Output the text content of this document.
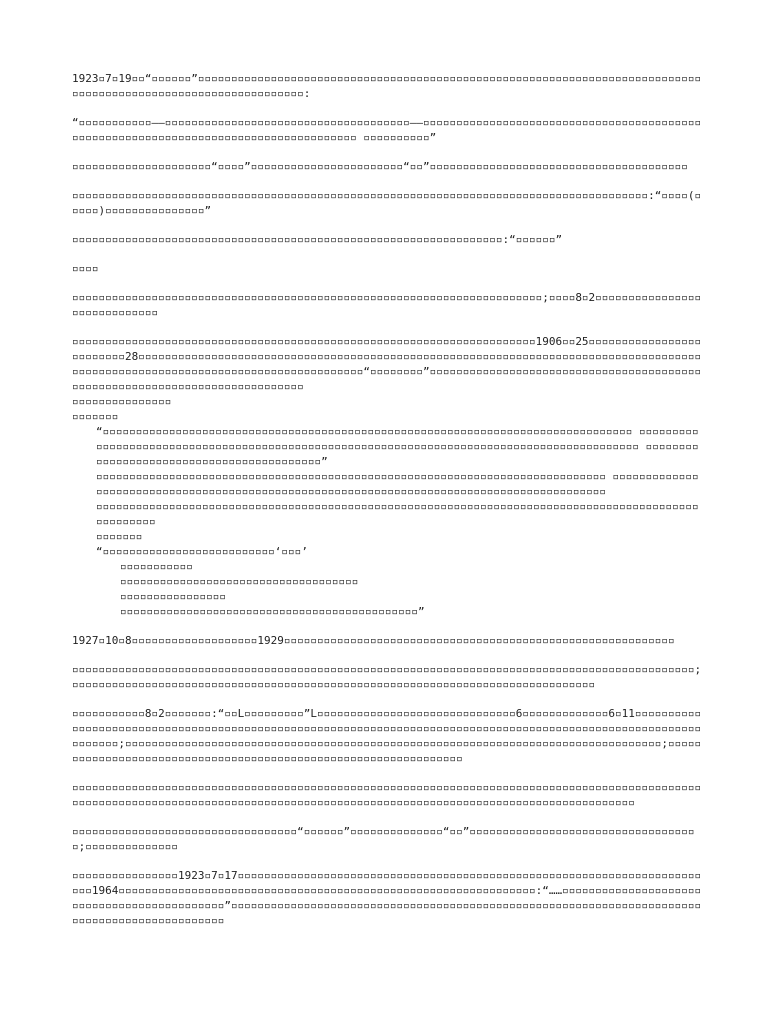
1923▫7▫19▫▫“▫▫▫▫▫▫”▫▫▫▫▫▫▫▫▫▫▫▫▫▫▫▫▫▫▫▫▫▫▫▫▫▫▫▫▫▫▫▫▫▫▫▫▫▫▫▫▫▫▫▫▫▫▫▫▫▫▫▫▫▫▫▫▫▫▫▫▫▫▫▫▫▫▫▫▫▫▫▫▫▫▫▫▫▫▫▫▫▫▫▫▫▫▫▫▫▫▫▫▫▫▫▫▫▫▫▫▫▫▫▫▫▫▫▫▫▫▫:

“▫▫▫▫▫▫▫▫▫▫▫——▫▫▫▫▫▫▫▫▫▫▫▫▫▫▫▫▫▫▫▫▫▫▫▫▫▫▫▫▫▫▫▫▫▫▫▫▫——▫▫▫▫▫▫▫▫▫▫▫▫▫▫▫▫▫▫▫▫▫▫▫▫▫▫▫▫▫▫▫▫▫▫▫▫▫▫▫▫▫▫▫▫▫▫▫▫▫▫▫▫▫▫▫▫▫▫▫▫▫▫▫▫▫▫▫▫▫▫▫▫▫▫▫▫▫▫▫▫▫▫▫▫▫ ▫▫▫▫▫▫▫▫▫▫”

▫▫▫▫▫▫▫▫▫▫▫▫▫▫▫▫▫▫▫▫▫“▫▫▫▫”▫▫▫▫▫▫▫▫▫▫▫▫▫▫▫▫▫▫▫▫▫▫▫“▫▫”▫▫▫▫▫▫▫▫▫▫▫▫▫▫▫▫▫▫▫▫▫▫▫▫▫▫▫▫▫▫▫▫▫▫▫▫▫▫▫

▫▫▫▫▫▫▫▫▫▫▫▫▫▫▫▫▫▫▫▫▫▫▫▫▫▫▫▫▫▫▫▫▫▫▫▫▫▫▫▫▫▫▫▫▫▫▫▫▫▫▫▫▫▫▫▫▫▫▫▫▫▫▫▫▫▫▫▫▫▫▫▫▫▫▫▫▫▫▫▫▫▫▫▫▫▫▫:“▫▫▫▫(▫▫▫▫▫)▫▫▫▫▫▫▫▫▫▫▫▫▫▫▫”

▫▫▫▫▫▫▫▫▫▫▫▫▫▫▫▫▫▫▫▫▫▫▫▫▫▫▫▫▫▫▫▫▫▫▫▫▫▫▫▫▫▫▫▫▫▫▫▫▫▫▫▫▫▫▫▫▫▫▫▫▫▫▫▫▫:“▫▫▫▫▫▫”

▫▫▫▫

▫▫▫▫▫▫▫▫▫▫▫▫▫▫▫▫▫▫▫▫▫▫▫▫▫▫▫▫▫▫▫▫▫▫▫▫▫▫▫▫▫▫▫▫▫▫▫▫▫▫▫▫▫▫▫▫▫▫▫▫▫▫▫▫▫▫▫▫▫▫▫;▫▫▫▫8▫2▫▫▫▫▫▫▫▫▫▫▫▫▫▫▫▫▫▫▫▫▫▫▫▫▫▫▫▫▫

▫▫▫▫▫▫▫▫▫▫▫▫▫▫▫▫▫▫▫▫▫▫▫▫▫▫▫▫▫▫▫▫▫▫▫▫▫▫▫▫▫▫▫▫▫▫▫▫▫▫▫▫▫▫▫▫▫▫▫▫▫▫▫▫▫▫▫▫▫▫1906▫▫25▫▫▫▫▫▫▫▫▫▫▫▫▫▫▫▫▫▫▫▫▫▫▫▫▫28▫▫▫▫▫▫▫▫▫▫▫▫▫▫▫▫▫▫▫▫▫▫▫▫▫▫▫▫▫▫▫▫▫▫▫▫▫▫▫▫▫▫▫▫▫▫▫▫▫▫▫▫▫▫▫▫▫▫▫▫▫▫▫▫▫▫▫▫▫▫▫▫▫▫▫▫▫▫▫▫▫▫▫▫▫▫▫▫▫▫▫▫▫▫▫▫▫▫▫▫▫▫▫▫▫▫▫▫▫▫▫▫▫▫▫▫▫▫▫▫▫▫▫▫▫▫▫▫▫“▫▫▫▫▫▫▫▫”▫▫▫▫▫▫▫▫▫▫▫▫▫▫▫▫▫▫▫▫▫▫▫▫▫▫▫▫▫▫▫▫▫▫▫▫▫▫▫▫▫▫▫▫▫▫▫▫▫▫▫▫▫▫▫▫▫▫▫▫▫▫▫▫▫▫▫▫▫▫▫▫▫▫▫▫

▫▫▫▫▫▫▫▫▫▫▫▫▫▫▫

▫▫▫▫▫▫▫

“▫▫▫▫▫▫▫▫▫▫▫▫▫▫▫▫▫▫▫▫▫▫▫▫▫▫▫▫▫▫▫▫▫▫▫▫▫▫▫▫▫▫▫▫▫▫▫▫▫▫▫▫▫▫▫▫▫▫▫▫▫▫▫▫▫▫▫▫▫▫▫▫▫▫▫▫▫▫▫▫ ▫▫▫▫▫▫▫▫▫▫▫▫▫▫▫▫▫▫▫▫▫▫▫▫▫▫▫▫▫▫▫▫▫▫▫▫▫▫▫▫▫▫▫▫▫▫▫▫▫▫▫▫▫▫▫▫▫▫▫▫▫▫▫▫▫▫▫▫▫▫▫▫▫▫▫▫▫▫▫▫▫▫▫▫▫▫▫▫▫▫▫ ▫▫▫▫▫▫▫▫▫▫▫▫▫▫▫▫▫▫▫▫▫▫▫▫▫▫▫▫▫▫▫▫▫▫▫▫▫▫▫▫▫▫”

▫▫▫▫▫▫▫▫▫▫▫▫▫▫▫▫▫▫▫▫▫▫▫▫▫▫▫▫▫▫▫▫▫▫▫▫▫▫▫▫▫▫▫▫▫▫▫▫▫▫▫▫▫▫▫▫▫▫▫▫▫▫▫▫▫▫▫▫▫▫▫▫▫▫▫▫▫ ▫▫▫▫▫▫▫▫▫▫▫▫▫▫▫▫▫▫▫▫▫▫▫▫▫▫▫▫▫▫▫▫▫▫▫▫▫▫▫▫▫▫▫▫▫▫▫▫▫▫▫▫▫▫▫▫▫▫▫▫▫▫▫▫▫▫▫▫▫▫▫▫▫▫▫▫▫▫▫▫▫▫▫▫▫▫▫▫▫▫

▫▫▫▫▫▫▫▫▫▫▫▫▫▫▫▫▫▫▫▫▫▫▫▫▫▫▫▫▫▫▫▫▫▫▫▫▫▫▫▫▫▫▫▫▫▫▫▫▫▫▫▫▫▫▫▫▫▫▫▫▫▫▫▫▫▫▫▫▫▫▫▫▫▫▫▫▫▫▫▫▫▫▫▫▫▫▫▫▫▫▫▫▫▫▫▫▫▫▫▫

▫▫▫▫▫▫▫

“▫▫▫▫▫▫▫▫▫▫▫▫▫▫▫▫▫▫▫▫▫▫▫▫▫▫‘▫▫▫’

▫▫▫▫▫▫▫▫▫▫▫

▫▫▫▫▫▫▫▫▫▫▫▫▫▫▫▫▫▫▫▫▫▫▫▫▫▫▫▫▫▫▫▫▫▫▫▫

▫▫▫▫▫▫▫▫▫▫▫▫▫▫▫▫

▫▫▫▫▫▫▫▫▫▫▫▫▫▫▫▫▫▫▫▫▫▫▫▫▫▫▫▫▫▫▫▫▫▫▫▫▫▫▫▫▫▫▫▫▫”

1927▫10▫8▫▫▫▫▫▫▫▫▫▫▫▫▫▫▫▫▫▫▫1929▫▫▫▫▫▫▫▫▫▫▫▫▫▫▫▫▫▫▫▫▫▫▫▫▫▫▫▫▫▫▫▫▫▫▫▫▫▫▫▫▫▫▫▫▫▫▫▫▫▫▫▫▫▫▫▫▫▫▫

▫▫▫▫▫▫▫▫▫▫▫▫▫▫▫▫▫▫▫▫▫▫▫▫▫▫▫▫▫▫▫▫▫▫▫▫▫▫▫▫▫▫▫▫▫▫▫▫▫▫▫▫▫▫▫▫▫▫▫▫▫▫▫▫▫▫▫▫▫▫▫▫▫▫▫▫▫▫▫▫▫▫▫▫▫▫▫▫▫▫▫▫▫▫;▫▫▫▫▫▫▫▫▫▫▫▫▫▫▫▫▫▫▫▫▫▫▫▫▫▫▫▫▫▫▫▫▫▫▫▫▫▫▫▫▫▫▫▫▫▫▫▫▫▫▫▫▫▫▫▫▫▫▫▫▫▫▫▫▫▫▫▫▫▫▫▫▫▫▫▫▫▫▫

▫▫▫▫▫▫▫▫▫▫▫8▫2▫▫▫▫▫▫▫:“▫▫L▫▫▫▫▫▫▫▫▫”L▫▫▫▫▫▫▫▫▫▫▫▫▫▫▫▫▫▫▫▫▫▫▫▫▫▫▫▫▫▫6▫▫▫▫▫▫▫▫▫▫▫▫▫6▫11▫▫▫▫▫▫▫▫▫▫▫▫▫▫▫▫▫▫▫▫▫▫▫▫▫▫▫▫▫▫▫▫▫▫▫▫▫▫▫▫▫▫▫▫▫▫▫▫▫▫▫▫▫▫▫▫▫▫▫▫▫▫▫▫▫▫▫▫▫▫▫▫▫▫▫▫▫▫▫▫▫▫▫▫▫▫▫▫▫▫▫▫▫▫▫▫▫▫▫▫▫▫▫▫▫▫▫▫▫▫▫▫;▫▫▫▫▫▫▫▫▫▫▫▫▫▫▫▫▫▫▫▫▫▫▫▫▫▫▫▫▫▫▫▫▫▫▫▫▫▫▫▫▫▫▫▫▫▫▫▫▫▫▫▫▫▫▫▫▫▫▫▫▫▫▫▫▫▫▫▫▫▫▫▫▫▫▫▫▫▫▫▫▫;▫▫▫▫▫▫▫▫▫▫▫▫▫▫▫▫▫▫▫▫▫▫▫▫▫▫▫▫▫▫▫▫▫▫▫▫▫▫▫▫▫▫▫▫▫▫▫▫▫▫▫▫▫▫▫▫▫▫▫▫▫▫▫▫

▫▫▫▫▫▫▫▫▫▫▫▫▫▫▫▫▫▫▫▫▫▫▫▫▫▫▫▫▫▫▫▫▫▫▫▫▫▫▫▫▫▫▫▫▫▫▫▫▫▫▫▫▫▫▫▫▫▫▫▫▫▫▫▫▫▫▫▫▫▫▫▫▫▫▫▫▫▫▫▫▫▫▫▫▫▫▫▫▫▫▫▫▫▫▫▫▫▫▫▫▫▫▫▫▫▫▫▫▫▫▫▫▫▫▫▫▫▫▫▫▫▫▫▫▫▫▫▫▫▫▫▫▫▫▫▫▫▫▫▫▫▫▫▫▫▫▫▫▫▫▫▫▫▫▫▫▫▫▫▫▫▫▫▫▫▫▫▫▫▫▫▫▫▫▫▫▫▫▫▫

▫▫▫▫▫▫▫▫▫▫▫▫▫▫▫▫▫▫▫▫▫▫▫▫▫▫▫▫▫▫▫▫▫▫“▫▫▫▫▫▫”▫▫▫▫▫▫▫▫▫▫▫▫▫▫“▫▫”▫▫▫▫▫▫▫▫▫▫▫▫▫▫▫▫▫▫▫▫▫▫▫▫▫▫▫▫▫▫▫▫▫▫▫;▫▫▫▫▫▫▫▫▫▫▫▫▫▫

▫▫▫▫▫▫▫▫▫▫▫▫▫▫▫▫1923▫7▫17▫▫▫▫▫▫▫▫▫▫▫▫▫▫▫▫▫▫▫▫▫▫▫▫▫▫▫▫▫▫▫▫▫▫▫▫▫▫▫▫▫▫▫▫▫▫▫▫▫▫▫▫▫▫▫▫▫▫▫▫▫▫▫▫▫▫▫▫▫▫▫▫▫1964▫▫▫▫▫▫▫▫▫▫▫▫▫▫▫▫▫▫▫▫▫▫▫▫▫▫▫▫▫▫▫▫▫▫▫▫▫▫▫▫▫▫▫▫▫▫▫▫▫▫▫▫▫▫▫▫▫▫▫▫▫▫▫:“……▫▫▫▫▫▫▫▫▫▫▫▫▫▫▫▫▫▫▫▫▫▫▫▫▫▫▫▫▫▫▫▫▫▫▫▫▫▫▫▫▫▫▫▫”▫▫▫▫▫▫▫▫▫▫▫▫▫▫▫▫▫▫▫▫▫▫▫▫▫▫▫▫▫▫▫▫▫▫▫▫▫▫▫▫▫▫▫▫▫▫▫▫▫▫▫▫▫▫▫▫▫▫▫▫▫▫▫▫▫▫▫▫▫▫▫▫▫▫▫▫▫▫▫▫▫▫▫▫▫▫▫▫▫▫▫▫▫▫
